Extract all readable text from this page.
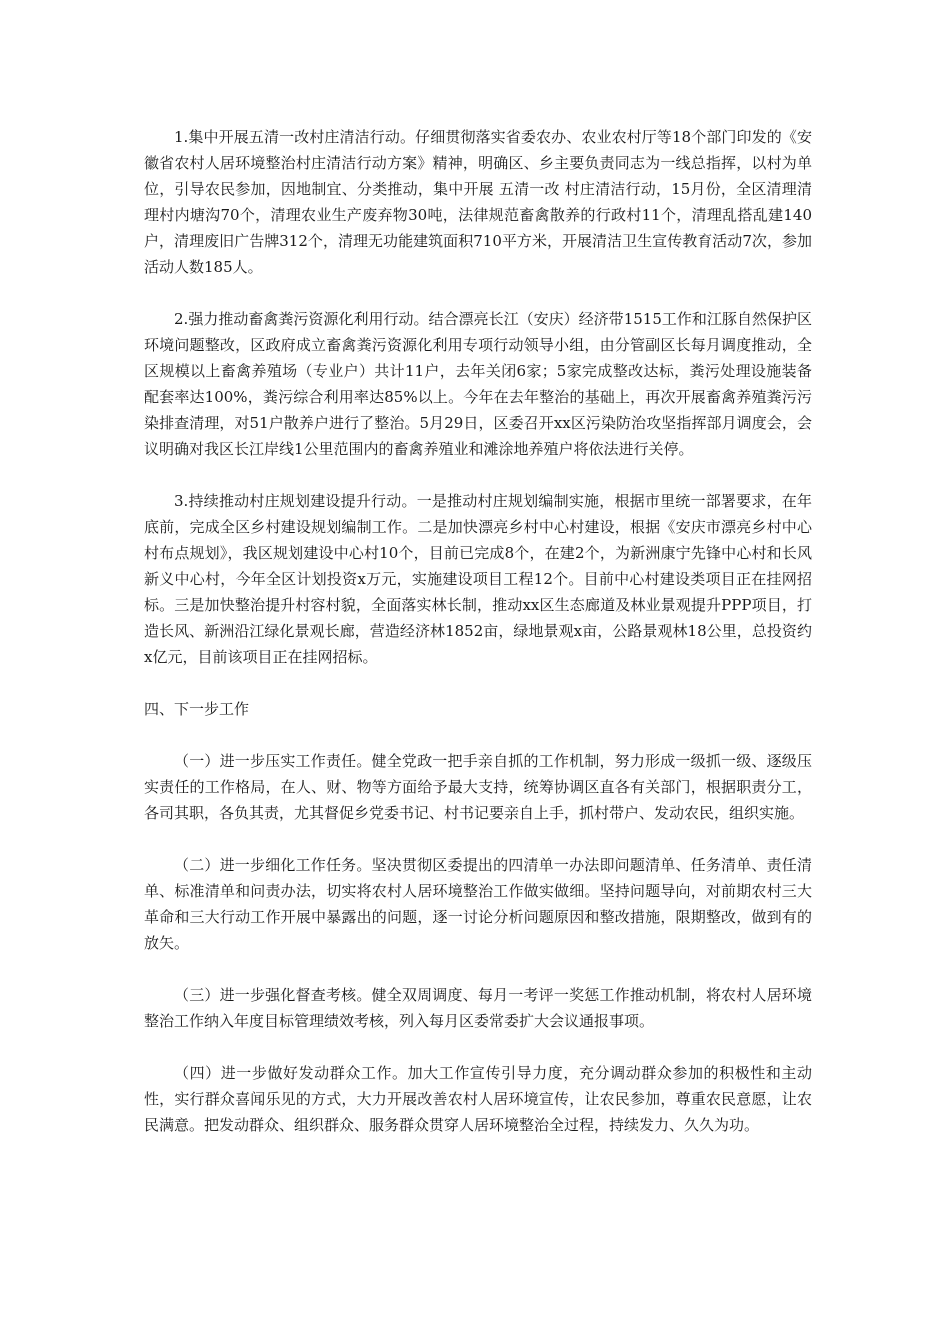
1.集中开展五清一改村庄清洁行动。仔细贯彻落实省委农办、农业农村厅等18个部门印发的《安徽省农村人居环境整治村庄清洁行动方案》精神，明确区、乡主要负责同志为一线总指挥，以村为单位，引导农民参加，因地制宜、分类推动，集中开展 五清一改 村庄清洁行动，15月份，全区清理清理村内塘沟70个，清理农业生产废弃物30吨，法律规范畜禽散养的行政村11个，清理乱搭乱建140户，清理废旧广告牌312个，清理无功能建筑面积710平方米，开展清洁卫生宣传教育活动7次，参加活动人数185人。

2.强力推动畜禽粪污资源化利用行动。结合漂亮长江（安庆）经济带1515工作和江豚自然保护区环境问题整改，区政府成立畜禽粪污资源化利用专项行动领导小组，由分管副区长每月调度推动，全区规模以上畜禽养殖场（专业户）共计11户，去年关闭6家；5家完成整改达标，粪污处理设施装备配套率达100%，粪污综合利用率达85%以上。今年在去年整治的基础上，再次开展畜禽养殖粪污污染排查清理，对51户散养户进行了整治。5月29日，区委召开xx区污染防治攻坚指挥部月调度会，会议明确对我区长江岸线1公里范围内的畜禽养殖业和滩涂地养殖户将依法进行关停。

3.持续推动村庄规划建设提升行动。一是推动村庄规划编制实施，根据市里统一部署要求，在年底前，完成全区乡村建设规划编制工作。二是加快漂亮乡村中心村建设，根据《安庆市漂亮乡村中心村布点规划》，我区规划建设中心村10个，目前已完成8个，在建2个，为新洲康宁先锋中心村和长风新义中心村，今年全区计划投资x万元，实施建设项目工程12个。目前中心村建设类项目正在挂网招标。三是加快整治提升村容村貌，全面落实林长制，推动xx区生态廊道及林业景观提升PPP项目，打造长风、新洲沿江绿化景观长廊，营造经济林1852亩，绿地景观x亩，公路景观林18公里，总投资约x亿元，目前该项目正在挂网招标。

四、下一步工作

（一）进一步压实工作责任。健全党政一把手亲自抓的工作机制，努力形成一级抓一级、逐级压实责任的工作格局，在人、财、物等方面给予最大支持，统筹协调区直各有关部门，根据职责分工，各司其职，各负其责，尤其督促乡党委书记、村书记要亲自上手，抓村带户、发动农民，组织实施。

（二）进一步细化工作任务。坚决贯彻区委提出的四清单一办法即问题清单、任务清单、责任清单、标准清单和问责办法，切实将农村人居环境整治工作做实做细。坚持问题导向，对前期农村三大革命和三大行动工作开展中暴露出的问题，逐一讨论分析问题原因和整改措施，限期整改，做到有的放矢。

（三）进一步强化督查考核。健全双周调度、每月一考评一奖惩工作推动机制，将农村人居环境整治工作纳入年度目标管理绩效考核，列入每月区委常委扩大会议通报事项。

（四）进一步做好发动群众工作。加大工作宣传引导力度，充分调动群众参加的积极性和主动性，实行群众喜闻乐见的方式，大力开展改善农村人居环境宣传，让农民参加，尊重农民意愿，让农民满意。把发动群众、组织群众、服务群众贯穿人居环境整治全过程，持续发力、久久为功。
